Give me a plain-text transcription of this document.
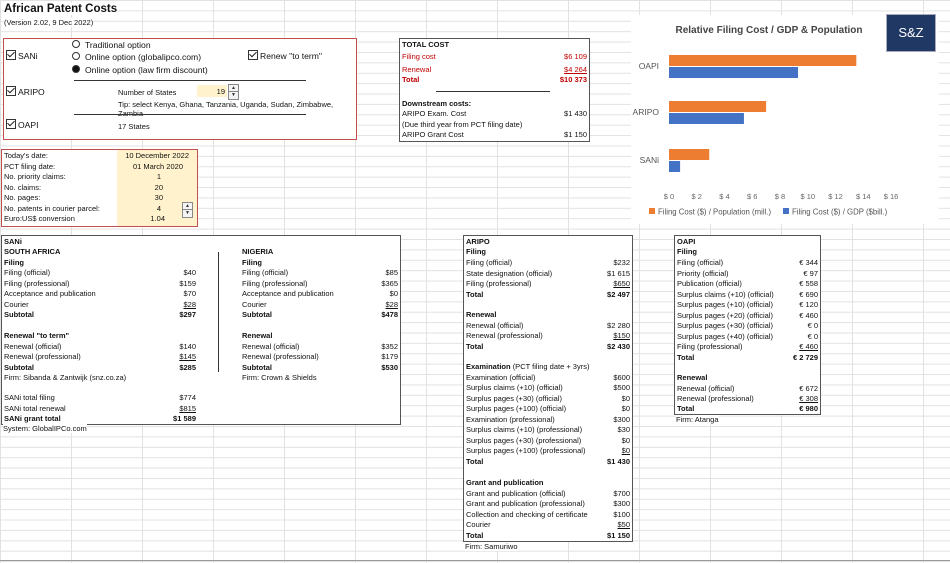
African Patent Costs
(Version 2.02, 9 Dec 2022)
SANi
Traditional option
Online option (globalipco.com)
Online option (law firm discount)
Renew "to term"
ARIPO	Number of States	19	▲
▼
Tip: select Kenya, Ghana, Tanzania, Uganda, Sudan, Zimbabwe, Zambia
OAPI	17 States
TOTAL COST
Filing cost	$6 109
Renewal	$4 264
Total	$10 373
Downstream costs:
ARIPO Exam. Cost	$1 430
(Due third year from PCT filing date)
ARIPO Grant Cost	$1 150
Today's date:	10 December 2022
PCT filing date:	01 March 2020
No. priority claims:	1
No. claims:	20
No. pages:	30
No. patents in courier parcel:	4
Euro:US$ conversion	1.04
▲
▼
SANi
SOUTH AFRICA
Filing
Filing (official)	$40
Filing (professional)	$159
Acceptance and publication	$70
Courier	$28
Subtotal	$297
Renewal "to term"
Renewal (official)	$140
Renewal (professional)	$145
Subtotal	$285
Firm: Sibanda & Zantwijk (snz.co.za)
SANi total filing	$774
SANi total renewal	$815
SANi grant total	$1 589
NIGERIA
Filing
Filing (official)	$85
Filing (professional)	$365
Acceptance and publication	$0
Courier	$28
Subtotal	$478
Renewal
Renewal (official)	$352
Renewal (professional)	$179
Subtotal	$530
Firm: Crown & Shields
System: GlobalIPCo.com
ARIPO
Filing
Filing (official)	$232
State designation (official)	$1 615
Filing (professional)	$650
Total	$2 497
Renewal
Renewal (official)	$2 280
Renewal (professional)	$150
Total	$2 430
Examination (PCT filing date + 3yrs)
Examination (official)	$600
Surplus claims (+10) (official)	$500
Surplus pages (+30) (official)	$0
Surplus pages (+100) (official)	$0
Examination (professional)	$300
Surplus claims (+10) (professional)	$30
Surplus pages (+30) (professional)	$0
Surplus pages (+100) (professional)	$0
Total	$1 430
Grant and publication
Grant and publication (official)	$700
Grant and publication (professional)	$300
Collection and checking of certificate	$100
Courier	$50
Total	$1 150
Firm: Samuriwo
OAPI
Filing
Filing (official)	€ 344
Priority (official)	€ 97
Publication (official)	€ 558
Surplus claims (+10) (official)	€ 690
Surplus pages (+10) (official)	€ 120
Surplus pages (+20) (official)	€ 460
Surplus pages (+30) (official)	€ 0
Surplus pages (+40) (official)	€ 0
Filing (professional)	€ 460
Total	€ 2 729
Renewal
Renewal (official)	€ 672
Renewal (professional)	€ 308
Total	€ 980
Firm: Atanga
Relative Filing Cost / GDP & Population
$ 0 $ 2 $ 4 $ 6 $ 8 $ 10 $ 12 $ 14 $ 16
OAPI
ARIPO
SANi
Filing Cost ($) / Population (mill.)	Filing Cost ($) / GDP ($bill.)
S&Z
